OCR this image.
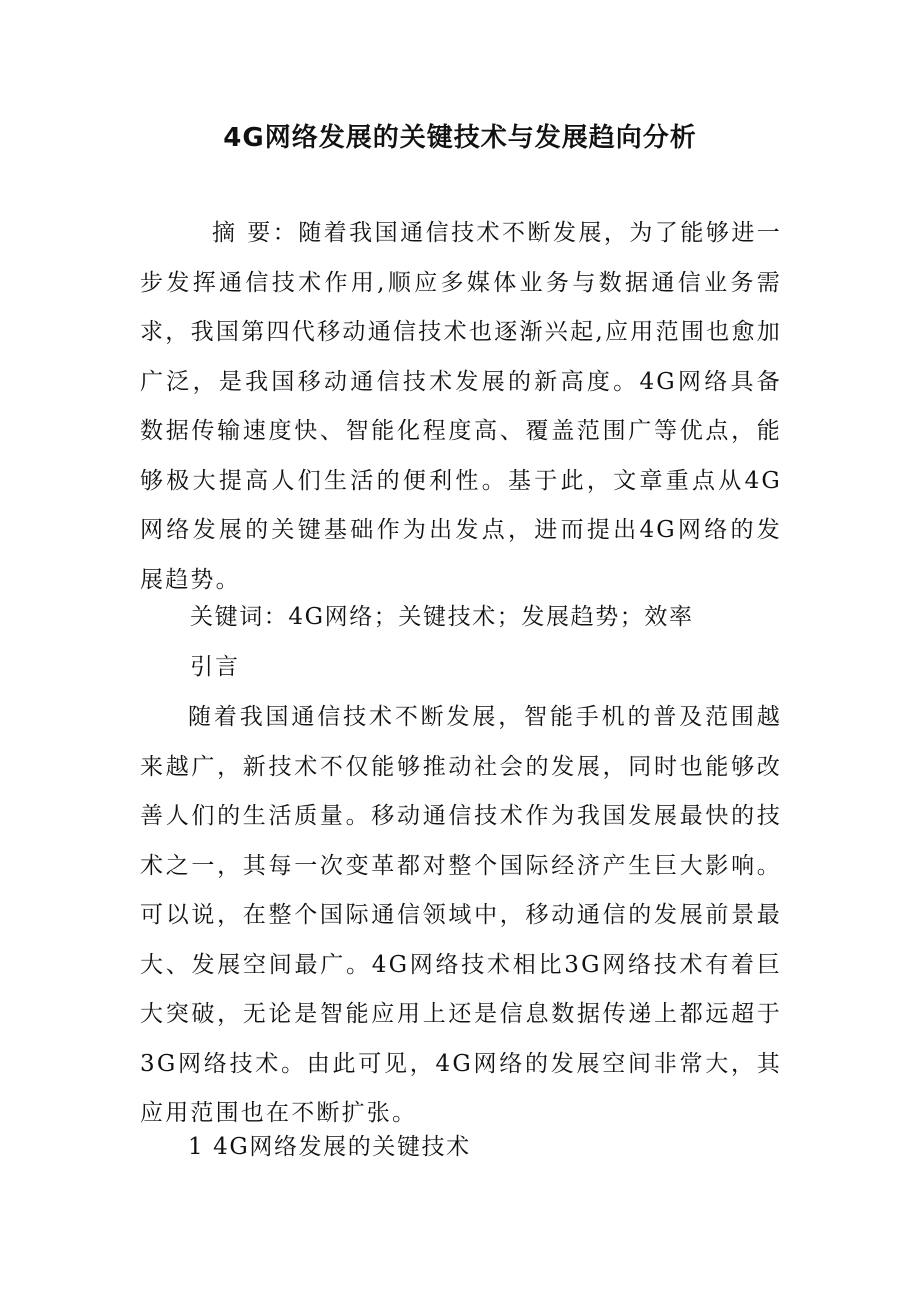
4G网络发展的关键技术与发展趋向分析
摘 要：随着我国通信技术不断发展，为了能够进一步发挥通信技术作用,顺应多媒体业务与数据通信业务需求，我国第四代移动通信技术也逐渐兴起,应用范围也愈加广泛，是我国移动通信技术发展的新高度。4G网络具备数据传输速度快、智能化程度高、覆盖范围广等优点，能够极大提高人们生活的便利性。基于此，文章重点从4G网络发展的关键基础作为出发点，进而提出4G网络的发展趋势。
关键词：4G网络；关键技术；发展趋势；效率
引言
随着我国通信技术不断发展，智能手机的普及范围越来越广，新技术不仅能够推动社会的发展，同时也能够改善人们的生活质量。移动通信技术作为我国发展最快的技术之一，其每一次变革都对整个国际经济产生巨大影响。可以说，在整个国际通信领域中，移动通信的发展前景最大、发展空间最广。4G网络技术相比3G网络技术有着巨大突破，无论是智能应用上还是信息数据传递上都远超于3G网络技术。由此可见，4G网络的发展空间非常大，其应用范围也在不断扩张。
1 4G网络发展的关键技术
